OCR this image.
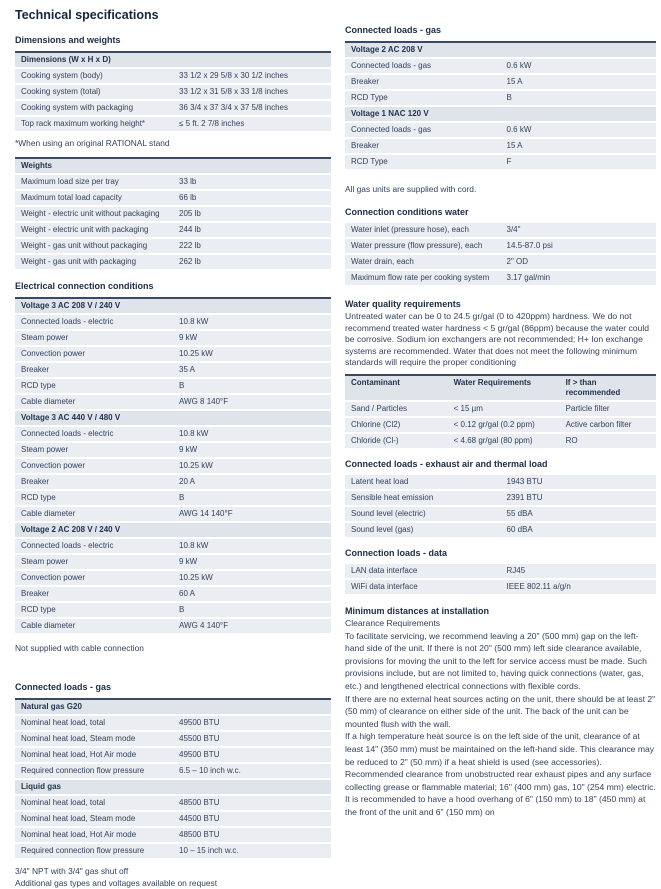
Technical specifications
Dimensions and weights
Dimensions (W x H x D)
Cooking system (body)	33 1/2 x 29 5/8 x 30 1/2 inches
Cooking system (total)	33 1/2 x 31 5/8 x 33 1/8 inches
Cooking system with packaging	36 3/4 x 37 3/4 x 37 5/8 inches
Top rack maximum working height*	≤ 5 ft. 2 7/8 inches
*When using an original RATIONAL stand
Weights
Maximum load size per tray	33 lb
Maximum total load capacity	66 lb
Weight - electric unit without packaging	205 lb
Weight - electric unit with packaging	244 lb
Weight - gas unit without packaging	222 lb
Weight - gas unit with packaging	262 lb
Electrical connection conditions
Voltage 3 AC 208 V / 240 V
Connected loads - electric	10.8 kW
Steam power	9 kW
Convection power	10.25 kW
Breaker	35 A
RCD type	B
Cable diameter	AWG 8 140°F
Voltage 3 AC 440 V / 480 V
Connected loads - electric	10.8 kW
Steam power	9 kW
Convection power	10.25 kW
Breaker	20 A
RCD type	B
Cable diameter	AWG 14 140°F
Voltage 2 AC 208 V / 240 V
Connected loads - electric	10.8 kW
Steam power	9 kW
Convection power	10.25 kW
Breaker	60 A
RCD type	B
Cable diameter	AWG 4 140°F
Not supplied with cable connection
Connected loads - gas
Natural gas G20
Nominal heat load, total	49500 BTU
Nominal heat load, Steam mode	45500 BTU
Nominal heat load, Hot Air mode	49500 BTU
Required connection flow pressure	6.5 – 10 inch w.c.
Liquid gas
Nominal heat load, total	48500 BTU
Nominal heat load, Steam mode	44500 BTU
Nominal heat load, Hot Air mode	48500 BTU
Required connection flow pressure	10 – 15 inch w.c.
3/4" NPT with 3/4" gas shut off
Additional gas types and voltages available on request
Connected loads - gas
Voltage 2 AC 208 V
Connected loads - gas	0.6 kW
Breaker	15 A
RCD Type	B
Voltage 1 NAC 120 V
Connected loads - gas	0.6 kW
Breaker	15 A
RCD Type	F
All gas units are supplied with cord.
Connection conditions water
Water inlet (pressure hose), each	3/4"
Water pressure (flow pressure), each	14.5-87.0 psi
Water drain, each	2" OD
Maximum flow rate per cooking system	3.17 gal/min
Water quality requirements

Untreated water can be 0 to 24.5 gr/gal (0 to 420ppm) hardness. We do not recommend treated water hardness < 5 gr/gal (86ppm) because the water could be corrosive. Sodium ion exchangers are not recommended; H+ Ion exchange systems are recommended. Water that does not meet the following minimum standards will require the proper conditioning

Contaminant	Water Requirements	If > than recommended
Sand / Particles	< 15 µm	Particle filter
Chlorine (Cl2)	< 0.12 gr/gal (0.2 ppm)	Active carbon filter
Chloride (Cl-)	< 4.68 gr/gal (80 ppm)	RO
Connected loads - exhaust air and thermal load
Latent heat load	1943 BTU
Sensible heat emission	2391 BTU
Sound level (electric)	55 dBA
Sound level (gas)	60 dBA
Connection loads - data
LAN data interface	RJ45
WiFi data interface	IEEE 802.11 a/g/n
Minimum distances at installation

Clearance Requirements

To facilitate servicing, we recommend leaving a 20" (500 mm) gap on the left-hand side of the unit. If there is not 20" (500 mm) left side clearance available, provisions for moving the unit to the left for service access must be made. Such provisions include, but are not limited to, having quick connections (water, gas, etc.) and lengthened electrical connections with flexible cords.

If there are no external heat sources acting on the unit, there should be at least 2" (50 mm) of clearance on either side of the unit. The back of the unit can be mounted flush with the wall.

If a high temperature heat source is on the left side of the unit, clearance of at least 14" (350 mm) must be maintained on the left-hand side. This clearance may be reduced to 2" (50 mm) if a heat shield is used (see accessories).

Recommended clearance from unobstructed rear exhaust pipes and any surface collecting grease or flammable material; 16" (400 mm) gas, 10" (254 mm) electric. It is recommended to have a hood overhang of 6" (150 mm) to 18" (450 mm) at the front of the unit and 6" (150 mm) on
